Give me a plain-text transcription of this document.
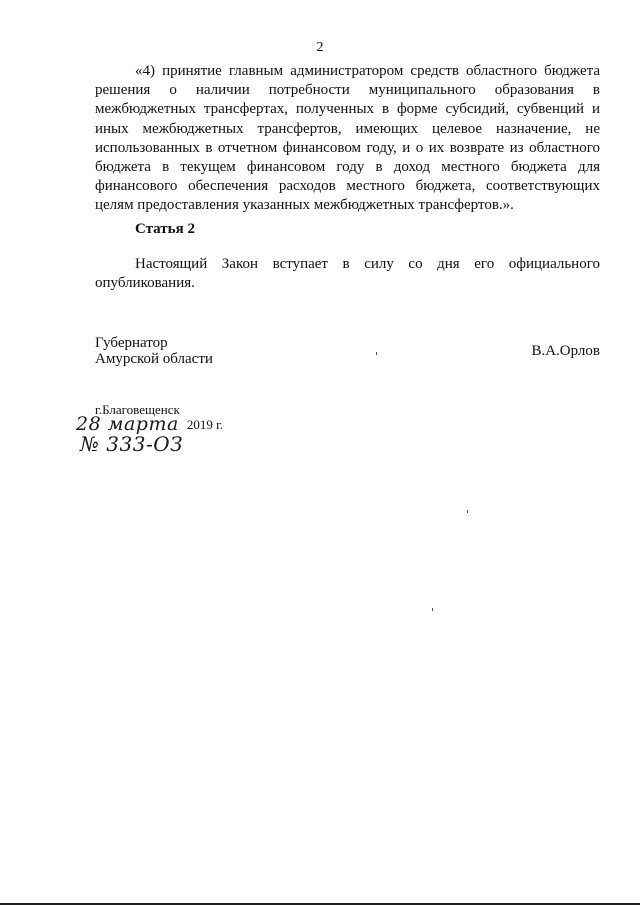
2

«4) принятие главным администратором средств областного бюджета решения о наличии потребности муниципального образования в межбюджетных трансфертах, полученных в форме субсидий, субвенций и иных межбюджетных трансфертов, имеющих целевое назначение, не использованных в отчетном финансовом году, и о их возврате из областного бюджета в текущем финансовом году в доход местного бюджета для финансового обеспечения расходов местного бюджета, соответствующих целям предоставления указанных межбюджетных трансфертов.».

Статья 2

Настоящий Закон вступает в силу со дня его официального опубликования.

Губернатор
Амурской области	В.А.Орлов
г.Благовещенск
28 марта 2019 г.
№ 333-ОЗ
